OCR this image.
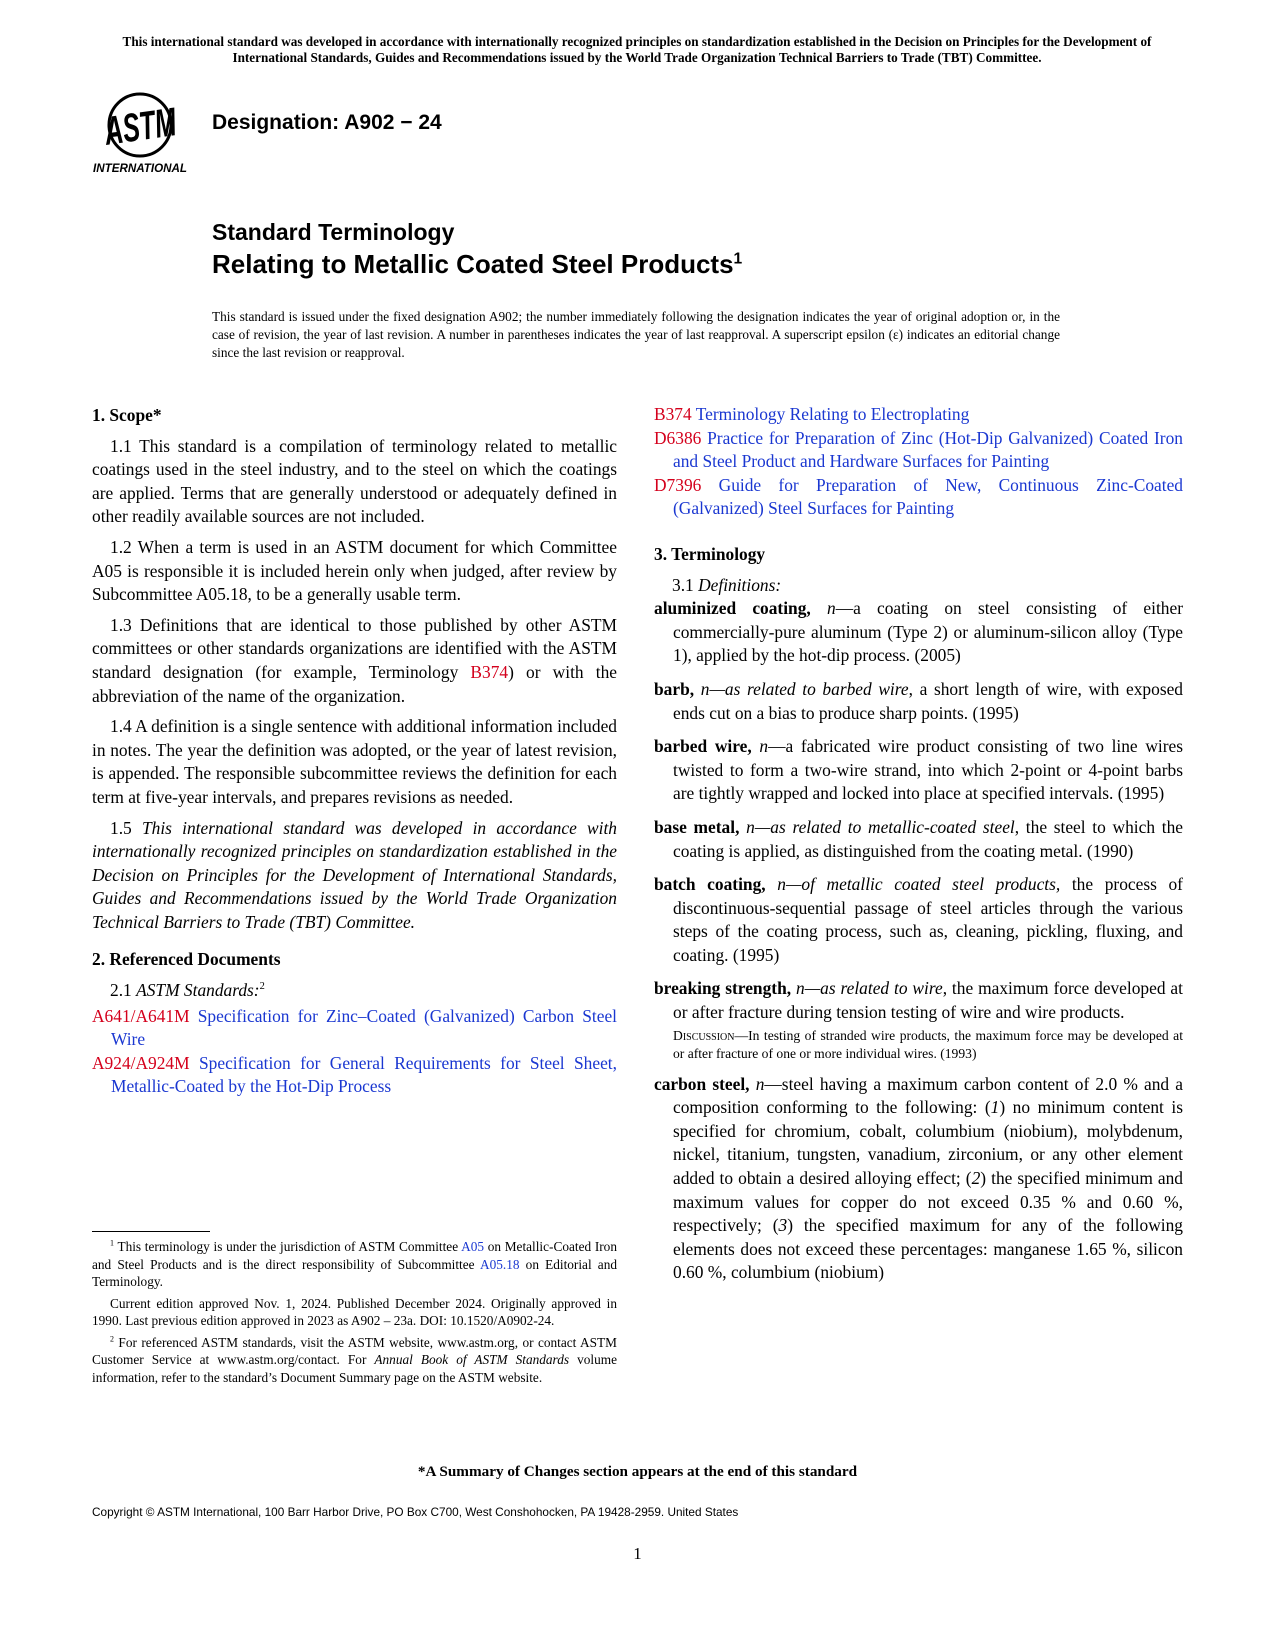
This international standard was developed in accordance with internationally recognized principles on standardization established in the Decision on Principles for the Development of International Standards, Guides and Recommendations issued by the World Trade Organization Technical Barriers to Trade (TBT) Committee.
ASTM
INTERNATIONAL
Designation: A902 − 24
Standard Terminology
Relating to Metallic Coated Steel Products$^1$
This standard is issued under the fixed designation A902; the number immediately following the designation indicates the year of original adoption or, in the case of revision, the year of last revision. A number in parentheses indicates the year of last reapproval. A superscript epsilon (ε) indicates an editorial change since the last revision or reapproval.
1. Scope*

1.1 This standard is a compilation of terminology related to metallic coatings used in the steel industry, and to the steel on which the coatings are applied. Terms that are generally understood or adequately defined in other readily available sources are not included.

1.2 When a term is used in an ASTM document for which Committee A05 is responsible it is included herein only when judged, after review by Subcommittee A05.18, to be a generally usable term.

1.3 Definitions that are identical to those published by other ASTM committees or other standards organizations are identified with the ASTM standard designation (for example, Terminology B374) or with the abbreviation of the name of the organization.

1.4 A definition is a single sentence with additional information included in notes. The year the definition was adopted, or the year of latest revision, is appended. The responsible subcommittee reviews the definition for each term at five-year intervals, and prepares revisions as needed.

1.5 This international standard was developed in accordance with internationally recognized principles on standardization established in the Decision on Principles for the Development of International Standards, Guides and Recommendations issued by the World Trade Organization Technical Barriers to Trade (TBT) Committee.

2. Referenced Documents
2.1 ASTM Standards:$^2$

A641/A641M Specification for Zinc–Coated (Galvanized) Carbon Steel Wire

A924/A924M Specification for General Requirements for Steel Sheet, Metallic-Coated by the Hot-Dip Process

$^1$ This terminology is under the jurisdiction of ASTM Committee A05 on Metallic-Coated Iron and Steel Products and is the direct responsibility of Subcommittee A05.18 on Editorial and Terminology.

Current edition approved Nov. 1, 2024. Published December 2024. Originally approved in 1990. Last previous edition approved in 2023 as A902 – 23a. DOI: 10.1520/A0902-24.

$^2$ For referenced ASTM standards, visit the ASTM website, www.astm.org, or contact ASTM Customer Service at www.astm.org/contact. For Annual Book of ASTM Standards volume information, refer to the standard’s Document Summary page on the ASTM website.

B374 Terminology Relating to Electroplating

D6386 Practice for Preparation of Zinc (Hot-Dip Galvanized) Coated Iron and Steel Product and Hardware Surfaces for Painting

D7396 Guide for Preparation of New, Continuous Zinc-Coated (Galvanized) Steel Surfaces for Painting

3. Terminology
3.1 Definitions:

aluminized coating, n—a coating on steel consisting of either commercially-pure aluminum (Type 2) or aluminum-silicon alloy (Type 1), applied by the hot-dip process. (2005)

barb, n—as related to barbed wire, a short length of wire, with exposed ends cut on a bias to produce sharp points. (1995)

barbed wire, n—a fabricated wire product consisting of two line wires twisted to form a two-wire strand, into which 2-point or 4-point barbs are tightly wrapped and locked into place at specified intervals. (1995)

base metal, n—as related to metallic-coated steel, the steel to which the coating is applied, as distinguished from the coating metal. (1990)

batch coating, n—of metallic coated steel products, the process of discontinuous-sequential passage of steel articles through the various steps of the coating process, such as, cleaning, pickling, fluxing, and coating. (1995)

breaking strength, n—as related to wire, the maximum force developed at or after fracture during tension testing of wire and wire products.

Discussion—In testing of stranded wire products, the maximum force may be developed at or after fracture of one or more individual wires. (1993)

carbon steel, n—steel having a maximum carbon content of 2.0 % and a composition conforming to the following: (1) no minimum content is specified for chromium, cobalt, columbium (niobium), molybdenum, nickel, titanium, tungsten, vanadium, zirconium, or any other element added to obtain a desired alloying effect; (2) the specified minimum and maximum values for copper do not exceed 0.35 % and 0.60 %, respectively; (3) the specified maximum for any of the following elements does not exceed these percentages: manganese 1.65 %, silicon 0.60 %, columbium (niobium)

*A Summary of Changes section appears at the end of this standard
Copyright © ASTM International, 100 Barr Harbor Drive, PO Box C700, West Conshohocken, PA 19428-2959. United States
1
